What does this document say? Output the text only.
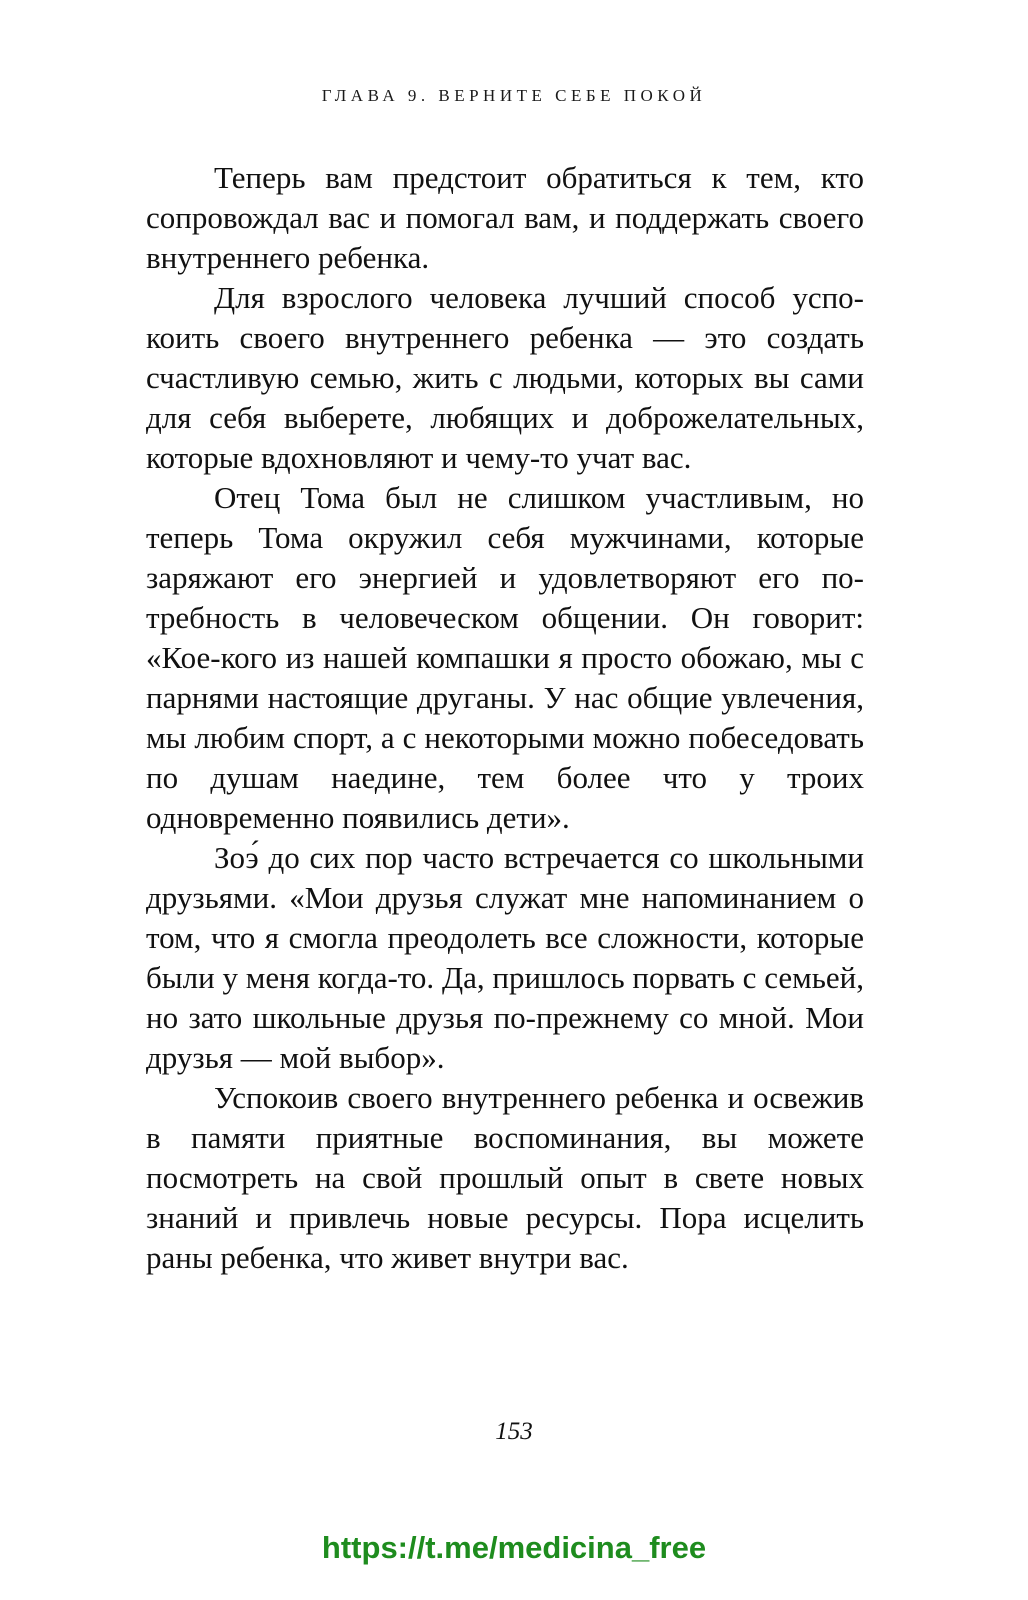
ГЛАВА 9. ВЕРНИТЕ СЕБЕ ПОКОЙ

Теперь вам предстоит обратиться к тем, кто сопровождал вас и помогал вам, и поддержать своего внутреннего ребенка.

Для взрослого человека лучший способ успокоить своего внутреннего ребенка — это создать счастливую семью, жить с людьми, которых вы сами для себя выберете, любящих и доброжелательных, которые вдохновляют и чему-то учат вас.

Отец Тома был не слишком участливым, но теперь Тома окружил себя мужчинами, которые заряжают его энергией и удовлетворяют его потребность в человеческом общении. Он говорит: «Кое-кого из нашей компашки я просто обожаю, мы с парнями настоящие друганы. У нас общие увлечения, мы любим спорт, а с некоторыми можно побеседовать по душам наедине, тем более что у троих одновременно появились дети».

Зоэ́ до сих пор часто встречается со школьными друзьями. «Мои друзья служат мне напоминанием о том, что я смогла преодолеть все сложности, которые были у меня когда-то. Да, пришлось порвать с семьей, но зато школьные друзья по-прежнему со мной. Мои друзья — мой выбор».

Успокоив своего внутреннего ребенка и освежив в памяти приятные воспоминания, вы можете посмотреть на свой прошлый опыт в свете новых знаний и привлечь новые ресурсы. Пора исцелить раны ребенка, что живет внутри вас.

153
https://t.me/medicina_free
